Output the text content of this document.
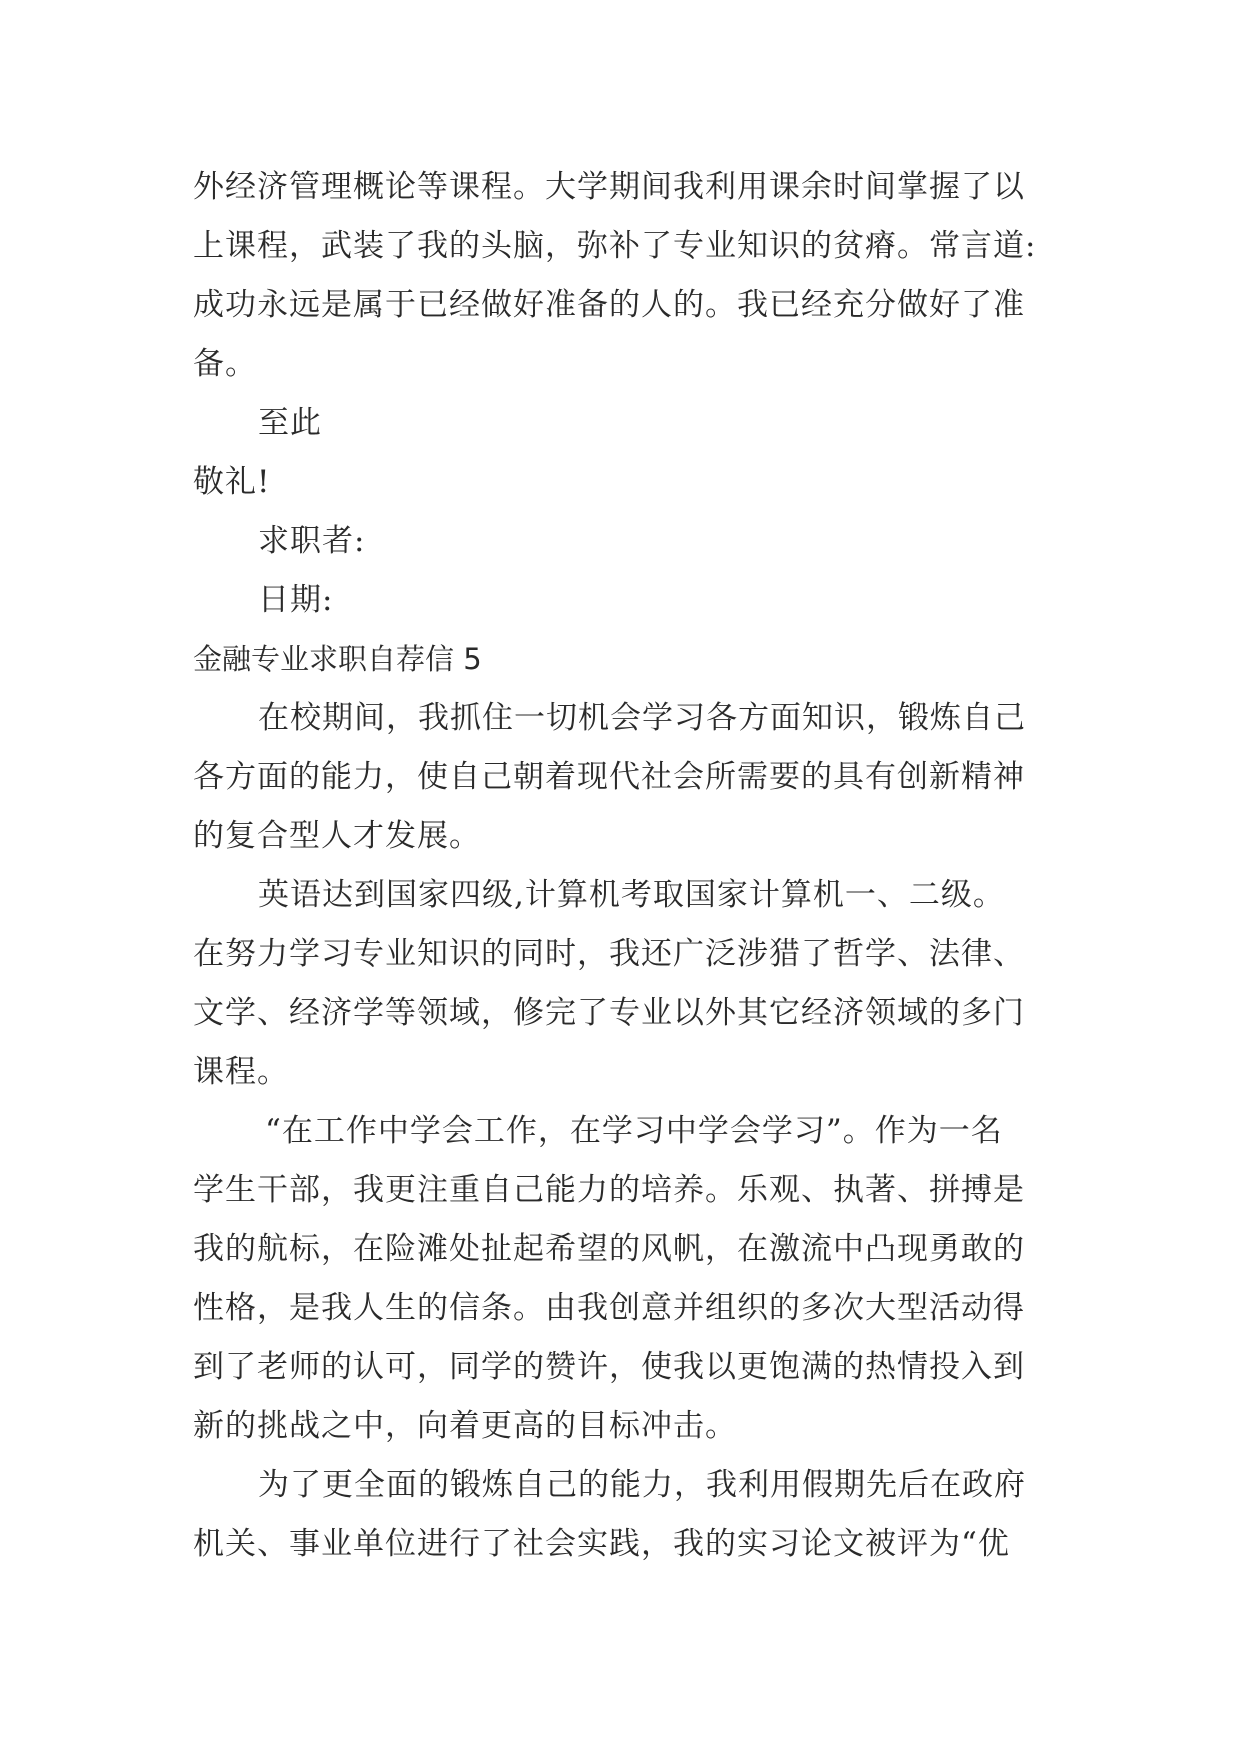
外经济管理概论等课程。大学期间我利用课余时间掌握了以
上课程，武装了我的头脑，弥补了专业知识的贫瘠。常言道:
成功永远是属于已经做好准备的人的。我已经充分做好了准
备。
至此
敬礼!
求职者:
日期:
金融专业求职自荐信 5
在校期间，我抓住一切机会学习各方面知识，锻炼自己
各方面的能力，使自己朝着现代社会所需要的具有创新精神
的复合型人才发展。
英语达到国家四级,计算机考取国家计算机一、二级。
在努力学习专业知识的同时，我还广泛涉猎了哲学、法律、
文学、经济学等领域，修完了专业以外其它经济领域的多门
课程。
“在工作中学会工作，在学习中学会学习”。作为一名
学生干部，我更注重自己能力的培养。乐观、执著、拼搏是
我的航标，在险滩处扯起希望的风帆，在激流中凸现勇敢的
性格，是我人生的信条。由我创意并组织的多次大型活动得
到了老师的认可，同学的赞许，使我以更饱满的热情投入到
新的挑战之中，向着更高的目标冲击。
为了更全面的锻炼自己的能力，我利用假期先后在政府
机关、事业单位进行了社会实践，我的实习论文被评为“优
